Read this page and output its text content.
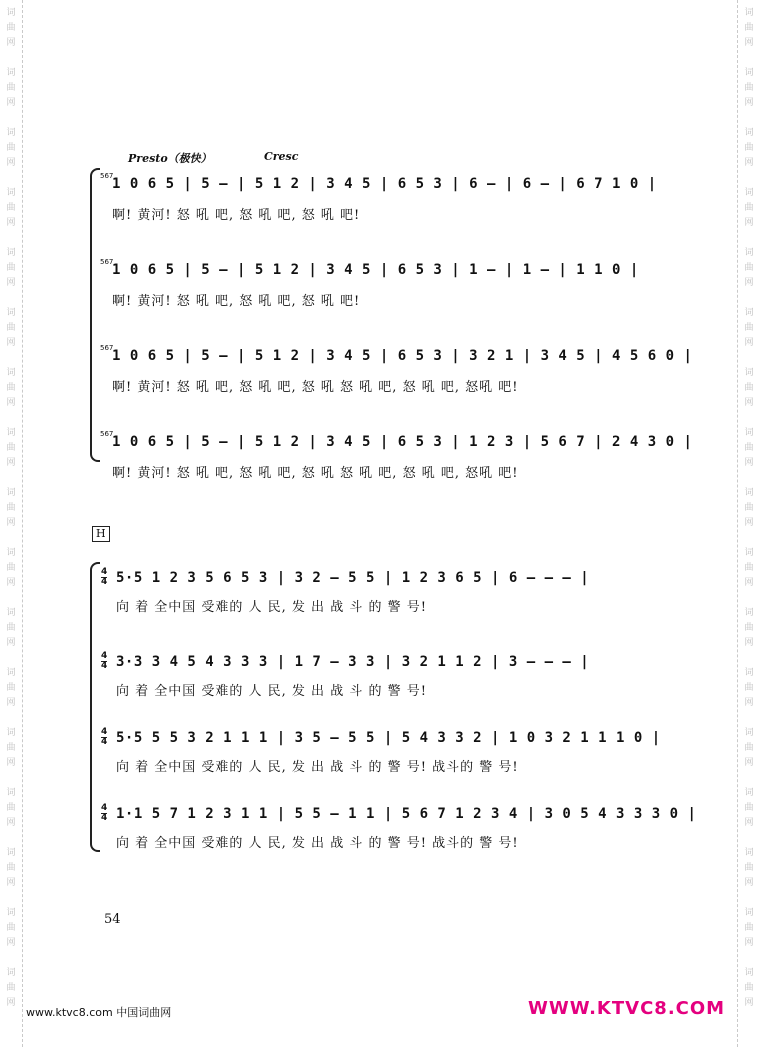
词
曲
网
词
曲
网
词
曲
网
词
曲
网
词
曲
网
词
曲
网
词
曲
网
词
曲
网
词
曲
网
词
曲
网
词
曲
网
词
曲
网
词
曲
网
词
曲
网
词
曲
网
词
曲
网
词
曲
网
词
曲
网
词
曲
网
词
曲
网
词
曲
网
词
曲
网
词
曲
网
词
曲
网
词
曲
网
词
曲
网
词
曲
网
词
曲
网
词
曲
网
词
曲
网
词
曲
网
词
曲
网
词
曲
网
词
曲
网
Presto（极快）	Cresc
567
1 0 6 5 | 5 – | 5 1 2 | 3 4 5 | 6 5 3 | 6 – | 6 – | 6 7 1 0 |
啊! 黄河! 怒 吼 吧, 怒 吼 吧, 怒 吼 吧!
567
1 0 6 5 | 5 – | 5 1 2 | 3 4 5 | 6 5 3 | 1 – | 1 – | 1 1 0 |
啊! 黄河! 怒 吼 吧, 怒 吼 吧, 怒 吼 吧!
567
1 0 6 5 | 5 – | 5 1 2 | 3 4 5 | 6 5 3 | 3 2 1 | 3 4 5 | 4 5 6 0 |
啊! 黄河! 怒 吼 吧, 怒 吼 吧, 怒 吼 怒 吼 吧, 怒 吼 吧, 怒吼 吧!
567
1 0 6 5 | 5 – | 5 1 2 | 3 4 5 | 6 5 3 | 1 2 3 | 5 6 7 | 2 4 3 0 |
啊! 黄河! 怒 吼 吧, 怒 吼 吧, 怒 吼 怒 吼 吧, 怒 吼 吧, 怒吼 吧!
H
4
4 5·5 1 2 3 5 6 5 3 | 3 2 – 5 5 | 1 2 3 6 5 | 6 – – – |
向 着 全中国 受难的 人 民, 发 出 战 斗 的 警 号!
4
4 3·3 3 4 5 4 3 3 3 | 1 7 – 3 3 | 3 2 1 1 2 | 3 – – – |
向 着 全中国 受难的 人 民, 发 出 战 斗 的 警 号!
4
4 5·5 5 5 3 2 1 1 1 | 3 5 – 5 5 | 5 4 3 3 2 | 1 0 3 2 1 1 1 0 |
向 着 全中国 受难的 人 民, 发 出 战 斗 的 警 号! 战斗的 警 号!
4
4 1·1 5 7 1 2 3 1 1 | 5 5 – 1 1 | 5 6 7 1 2 3 4 | 3 0 5 4 3 3 3 0 |
向 着 全中国 受难的 人 民, 发 出 战 斗 的 警 号! 战斗的 警 号!
54
www.ktvc8.com 中国词曲网	WWW.KTVC8.COM
